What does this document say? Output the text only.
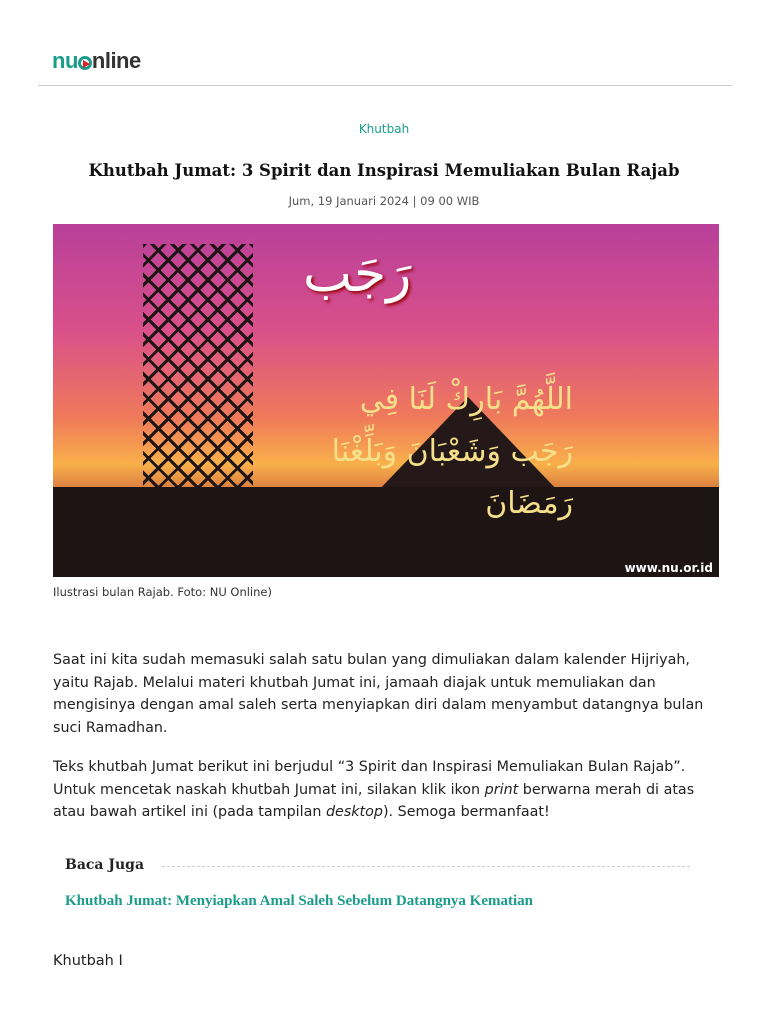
nu nline
Khutbah
Khutbah Jumat: 3 Spirit dan Inspirasi Memuliakan Bulan Rajab
Jum, 19 Januari 2024 | 09 00 WIB
رَجَب
اللَّهُمَّ بَارِكْ لَنَا فِي رَجَب وَشَعْبَانَ وَبَلِّغْنَا رَمَضَانَ
www.nu.or.id
Ilustrasi bulan Rajab. Foto: NU Online)
Saat ini kita sudah memasuki salah satu bulan yang dimuliakan dalam kalender Hijriyah, yaitu Rajab. Melalui materi khutbah Jumat ini, jamaah diajak untuk memuliakan dan mengisinya dengan amal saleh serta menyiapkan diri dalam menyambut datangnya bulan suci Ramadhan.
Teks khutbah Jumat berikut ini berjudul “3 Spirit dan Inspirasi Memuliakan Bulan Rajab”. Untuk mencetak naskah khutbah Jumat ini, silakan klik ikon print berwarna merah di atas atau bawah artikel ini (pada tampilan desktop). Semoga bermanfaat!
Baca Juga
Khutbah Jumat: Menyiapkan Amal Saleh Sebelum Datangnya Kematian
Khutbah I
